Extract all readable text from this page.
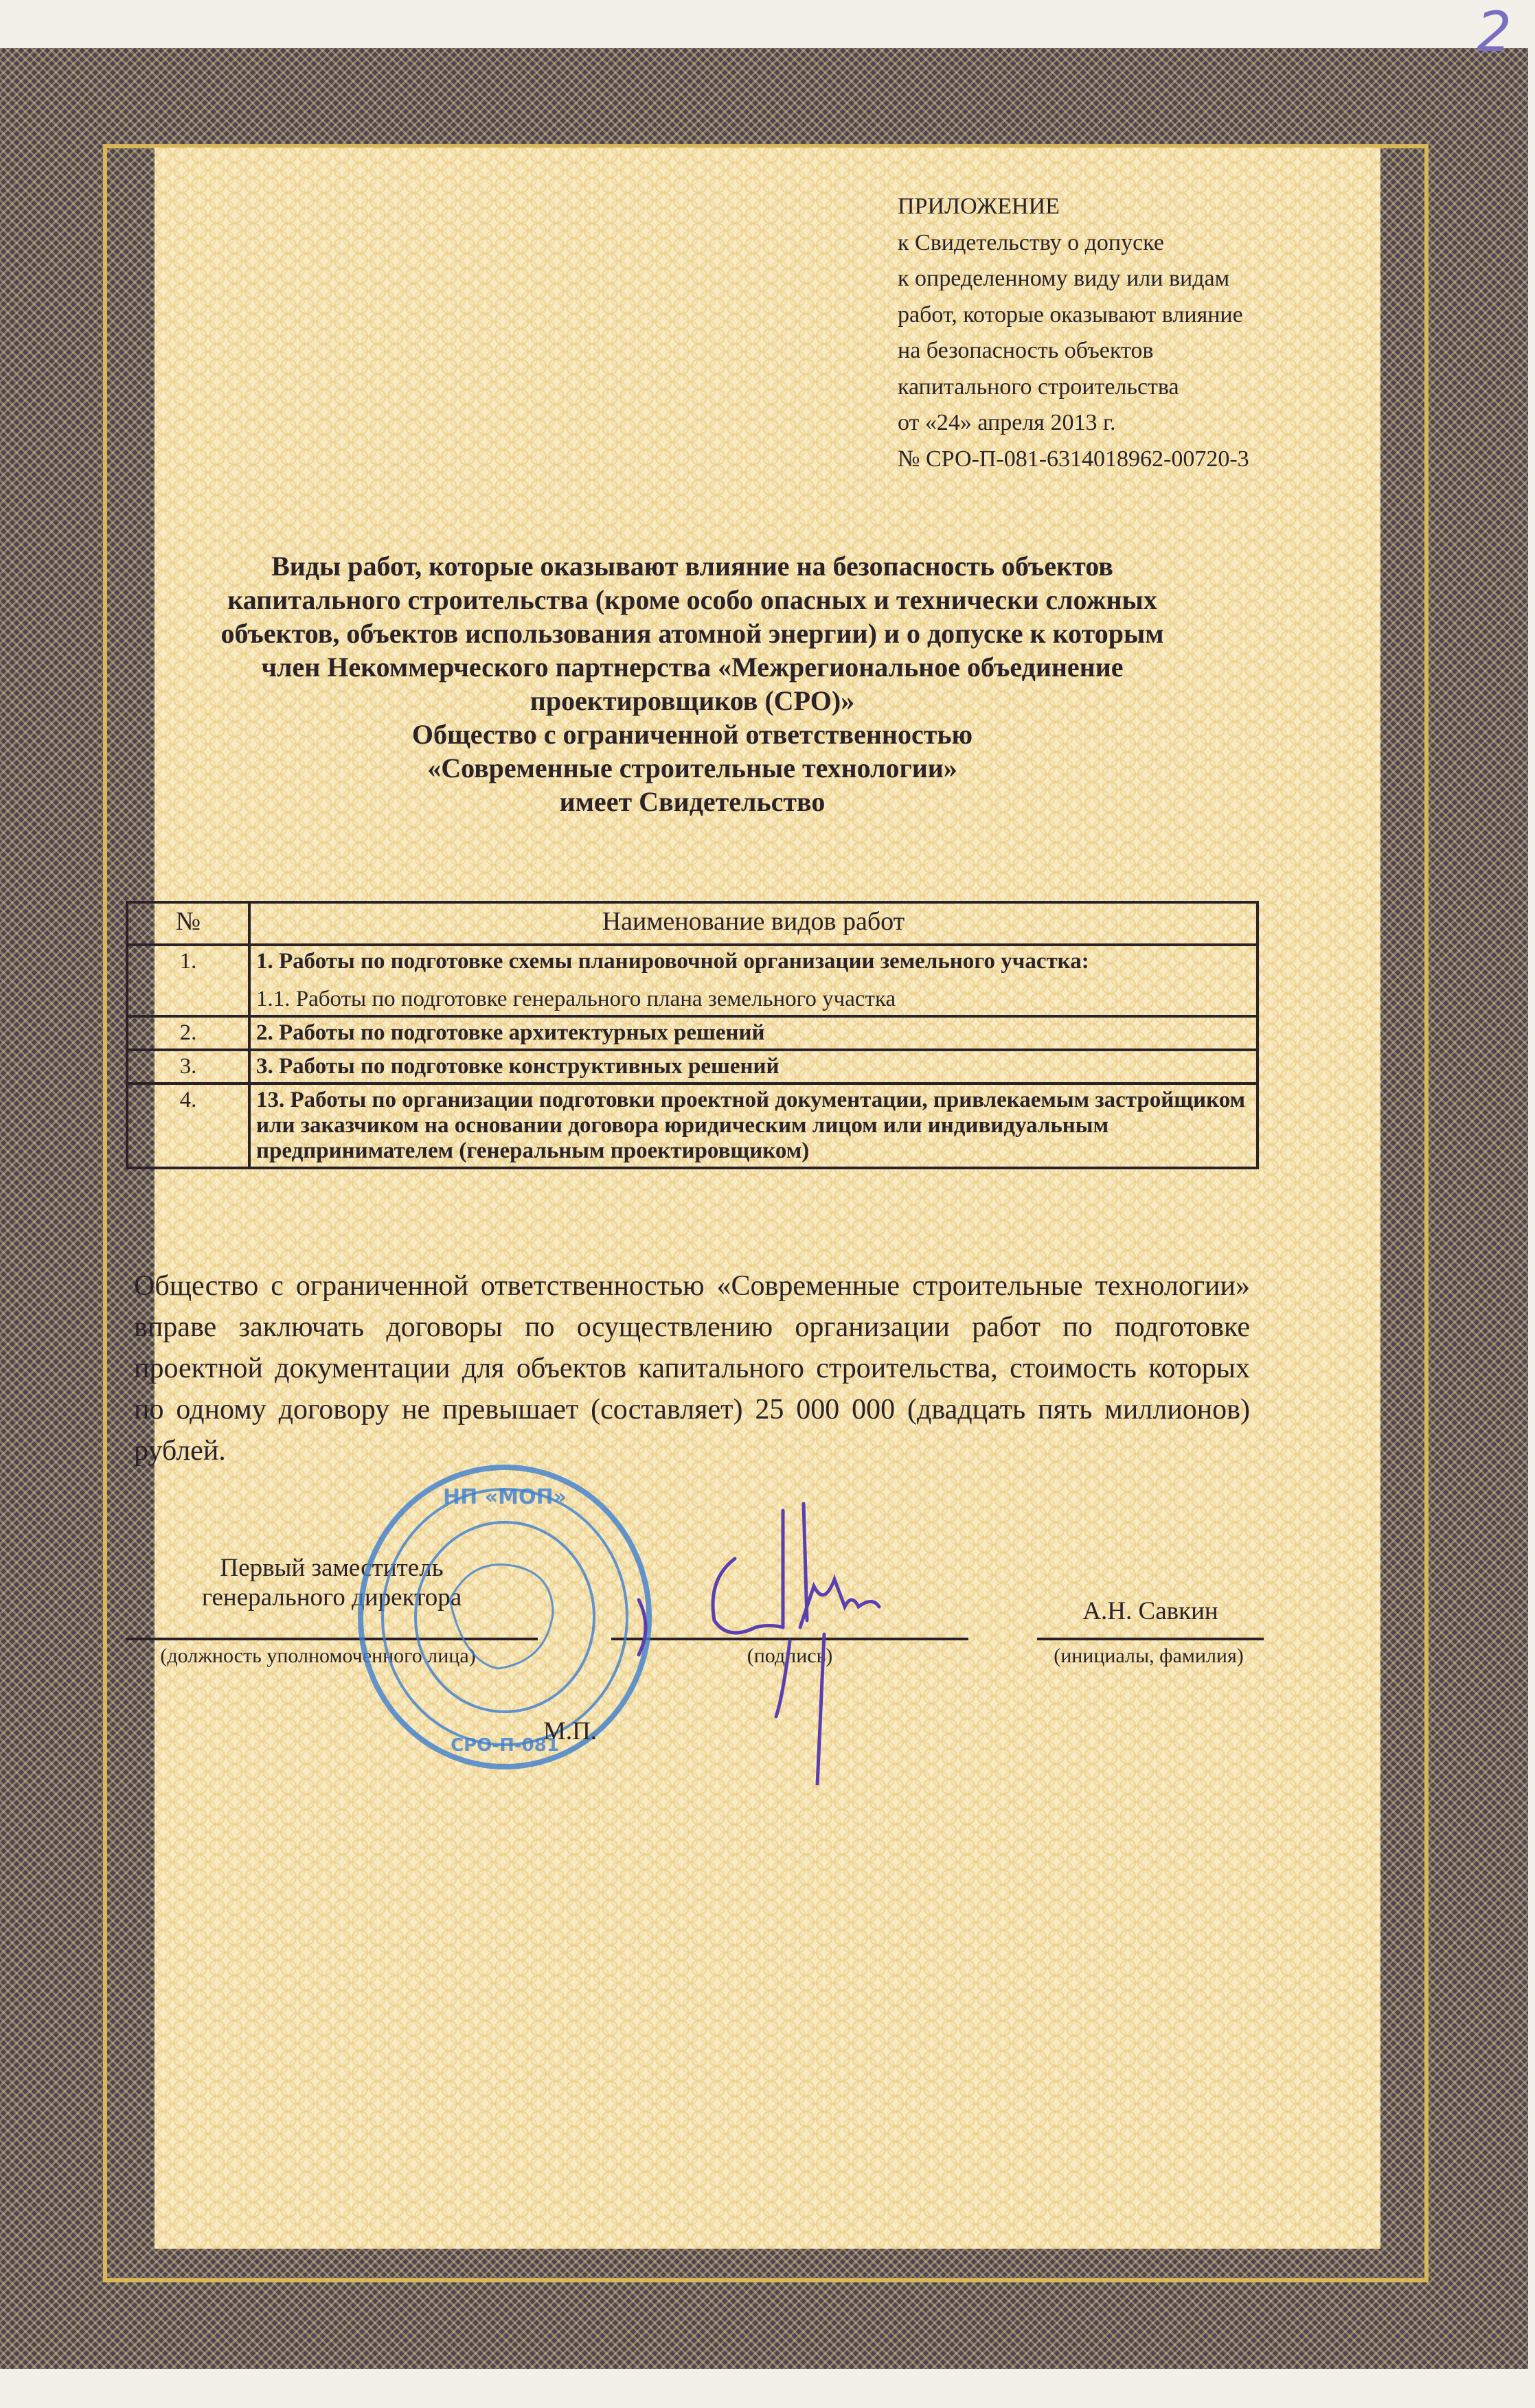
2
ПРИЛОЖЕНИЕ
к Свидетельству о допуске
к определенному виду или видам
работ, которые оказывают влияние
на безопасность объектов
капитального строительства
от «24» апреля 2013 г.
№ СРО-П-081-6314018962-00720-3
Виды работ, которые оказывают влияние на безопасность объектов
капитального строительства (кроме особо опасных и технически сложных
объектов, объектов использования атомной энергии) и о допуске к которым
член Некоммерческого партнерства «Межрегиональное объединение
проектировщиков (СРО)»
Общество с ограниченной ответственностью
«Современные строительные технологии»
имеет Свидетельство
№	Наименование видов работ
1.	1. Работы по подготовке схемы планировочной организации земельного участка:
1.1. Работы по подготовке генерального плана земельного участка

2.	2. Работы по подготовке архитектурных решений
3.	3. Работы по подготовке конструктивных решений
4.	13. Работы по организации подготовки проектной документации, привлекаемым застройщиком или заказчиком на основании договора юридическим лицом или индивидуальным предпринимателем (генеральным проектировщиком)
Общество с ограниченной ответственностью «Современные строительные технологии» вправе заключать договоры по осуществлению организации работ по подготовке проектной документации для объектов капитального строительства, стоимость которых по одному договору не превышает (составляет) 25 000 000 (двадцать пять миллионов) рублей.
Первый заместитель
генерального директора
(должность уполномоченного лица)	(подпись)
А.Н. Савкин
(инициалы, фамилия)
НП «МОП»
СРО-П-081
М.П.
